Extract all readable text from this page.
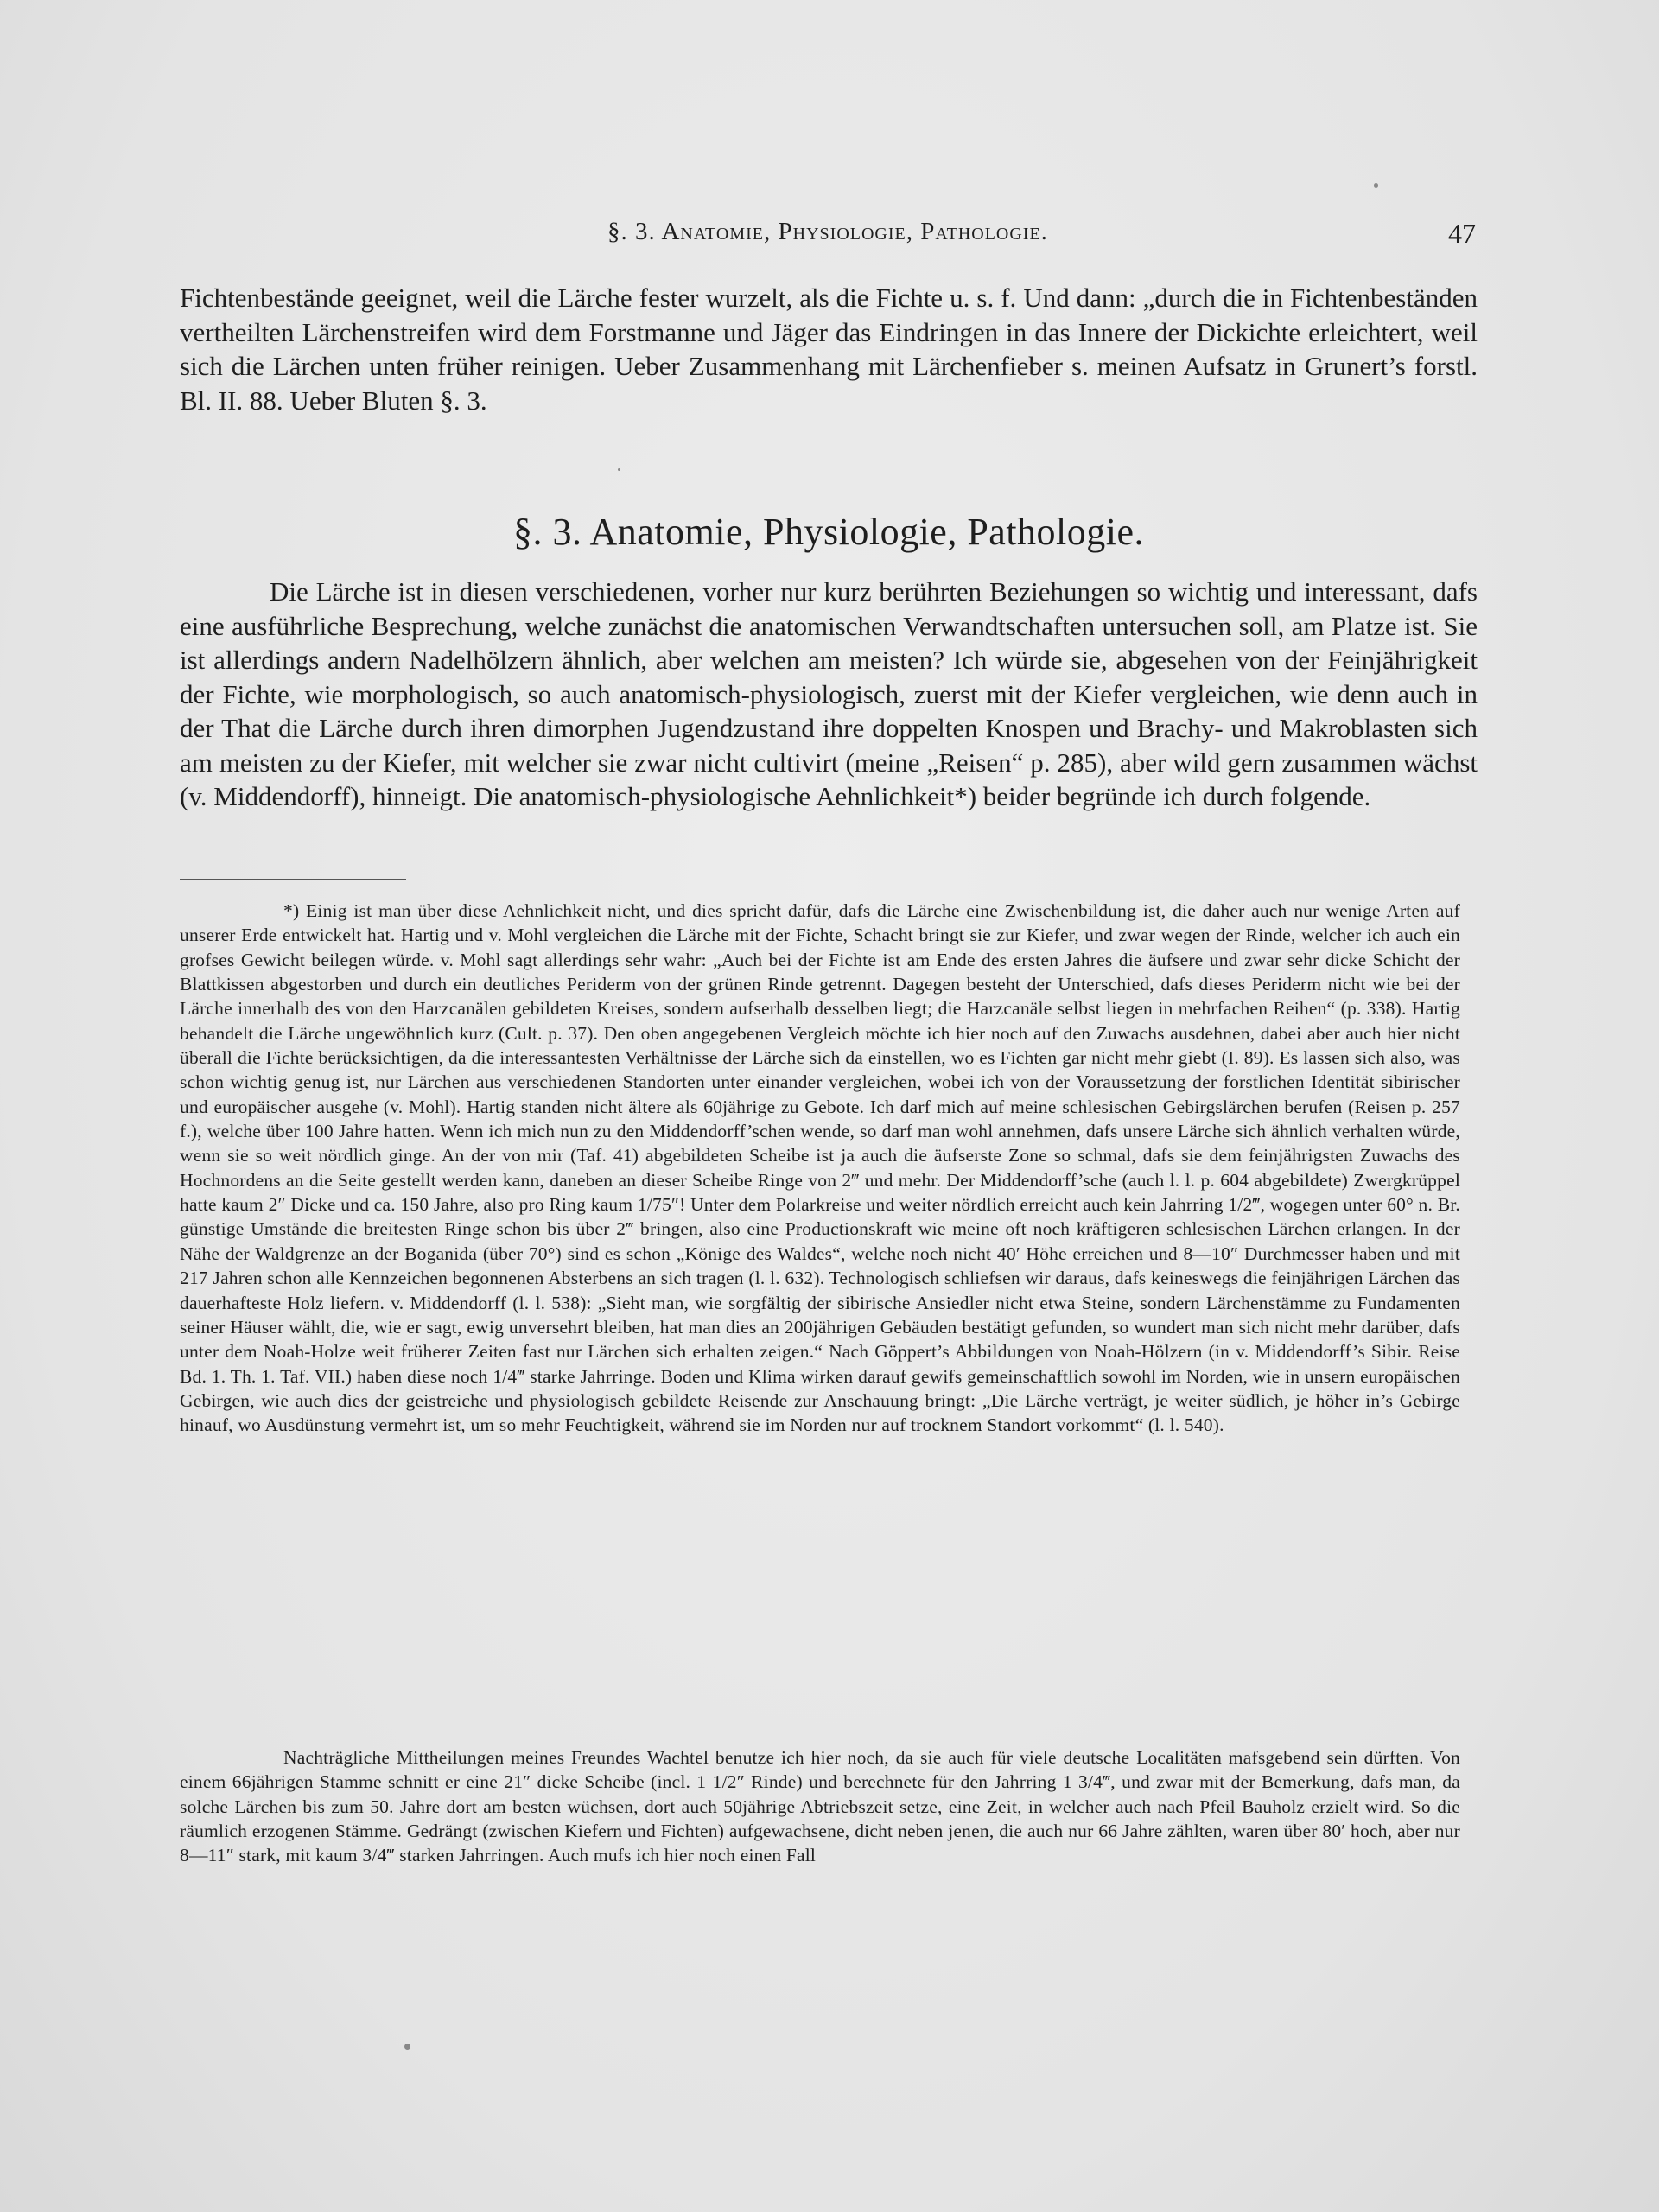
§. 3. Anatomie, Physiologie, Pathologie.	47

Fichtenbestände geeignet, weil die Lärche fester wurzelt, als die Fichte u. s. f. Und dann: „durch die in Fichtenbeständen vertheilten Lärchenstreifen wird dem Forstmanne und Jäger das Eindringen in das Innere der Dickichte erleichtert, weil sich die Lärchen unten früher reinigen. Ueber Zusammenhang mit Lärchenfieber s. meinen Aufsatz in Grunert’s forstl. Bl. II. 88. Ueber Bluten §. 3.

§. 3. Anatomie, Physiologie, Pathologie.

Die Lärche ist in diesen verschiedenen, vorher nur kurz berührten Beziehungen so wichtig und interessant, dafs eine ausführliche Besprechung, welche zunächst die anatomischen Verwandtschaften untersuchen soll, am Platze ist. Sie ist allerdings andern Nadelhölzern ähnlich, aber welchen am meisten? Ich würde sie, abgesehen von der Feinjährigkeit der Fichte, wie morphologisch, so auch anatomisch-physiologisch, zuerst mit der Kiefer vergleichen, wie denn auch in der That die Lärche durch ihren dimorphen Jugendzustand ihre doppelten Knospen und Brachy- und Makroblasten sich am meisten zu der Kiefer, mit welcher sie zwar nicht cultivirt (meine „Reisen“ p. 285), aber wild gern zusammen wächst (v. Middendorff), hinneigt. Die anatomisch-physiologische Aehnlichkeit*) beider begründe ich durch folgende.

*) Einig ist man über diese Aehnlichkeit nicht, und dies spricht dafür, dafs die Lärche eine Zwischenbildung ist, die daher auch nur wenige Arten auf unserer Erde entwickelt hat. Hartig und v. Mohl vergleichen die Lärche mit der Fichte, Schacht bringt sie zur Kiefer, und zwar wegen der Rinde, welcher ich auch ein grofses Gewicht beilegen würde. v. Mohl sagt allerdings sehr wahr: „Auch bei der Fichte ist am Ende des ersten Jahres die äufsere und zwar sehr dicke Schicht der Blattkissen abgestorben und durch ein deutliches Periderm von der grünen Rinde getrennt. Dagegen besteht der Unterschied, dafs dieses Periderm nicht wie bei der Lärche innerhalb des von den Harzcanälen gebildeten Kreises, sondern aufserhalb desselben liegt; die Harzcanäle selbst liegen in mehrfachen Reihen“ (p. 338). Hartig behandelt die Lärche ungewöhnlich kurz (Cult. p. 37). Den oben angegebenen Vergleich möchte ich hier noch auf den Zuwachs ausdehnen, dabei aber auch hier nicht überall die Fichte berücksichtigen, da die interessantesten Verhältnisse der Lärche sich da einstellen, wo es Fichten gar nicht mehr giebt (I. 89). Es lassen sich also, was schon wichtig genug ist, nur Lärchen aus verschiedenen Standorten unter einander vergleichen, wobei ich von der Voraussetzung der forstlichen Identität sibirischer und europäischer ausgehe (v. Mohl). Hartig standen nicht ältere als 60jährige zu Gebote. Ich darf mich auf meine schlesischen Gebirgslärchen berufen (Reisen p. 257 f.), welche über 100 Jahre hatten. Wenn ich mich nun zu den Middendorff’schen wende, so darf man wohl annehmen, dafs unsere Lärche sich ähnlich verhalten würde, wenn sie so weit nördlich ginge. An der von mir (Taf. 41) abgebildeten Scheibe ist ja auch die äufserste Zone so schmal, dafs sie dem feinjährigsten Zuwachs des Hochnordens an die Seite gestellt werden kann, daneben an dieser Scheibe Ringe von 2‴ und mehr. Der Middendorff’sche (auch l. l. p. 604 abgebildete) Zwergkrüppel hatte kaum 2″ Dicke und ca. 150 Jahre, also pro Ring kaum 1/75″! Unter dem Polarkreise und weiter nördlich erreicht auch kein Jahrring 1/2‴, wogegen unter 60° n. Br. günstige Umstände die breitesten Ringe schon bis über 2‴ bringen, also eine Productionskraft wie meine oft noch kräftigeren schlesischen Lärchen erlangen. In der Nähe der Waldgrenze an der Boganida (über 70°) sind es schon „Könige des Waldes“, welche noch nicht 40′ Höhe erreichen und 8—10″ Durchmesser haben und mit 217 Jahren schon alle Kennzeichen begonnenen Absterbens an sich tragen (l. l. 632). Technologisch schliefsen wir daraus, dafs keineswegs die feinjährigen Lärchen das dauerhafteste Holz liefern. v. Middendorff (l. l. 538): „Sieht man, wie sorgfältig der sibirische Ansiedler nicht etwa Steine, sondern Lärchenstämme zu Fundamenten seiner Häuser wählt, die, wie er sagt, ewig unversehrt bleiben, hat man dies an 200jährigen Gebäuden bestätigt gefunden, so wundert man sich nicht mehr darüber, dafs unter dem Noah-Holze weit früherer Zeiten fast nur Lärchen sich erhalten zeigen.“ Nach Göppert’s Abbildungen von Noah-Hölzern (in v. Middendorff’s Sibir. Reise Bd. 1. Th. 1. Taf. VII.) haben diese noch 1/4‴ starke Jahrringe. Boden und Klima wirken darauf gewifs gemeinschaftlich sowohl im Norden, wie in unsern europäischen Gebirgen, wie auch dies der geistreiche und physiologisch gebildete Reisende zur Anschauung bringt: „Die Lärche verträgt, je weiter südlich, je höher in’s Gebirge hinauf, wo Ausdünstung vermehrt ist, um so mehr Feuchtigkeit, während sie im Norden nur auf trocknem Standort vorkommt“ (l. l. 540).

Nachträgliche Mittheilungen meines Freundes Wachtel benutze ich hier noch, da sie auch für viele deutsche Localitäten mafsgebend sein dürften. Von einem 66jährigen Stamme schnitt er eine 21″ dicke Scheibe (incl. 1 1/2″ Rinde) und berechnete für den Jahrring 1 3/4‴, und zwar mit der Bemerkung, dafs man, da solche Lärchen bis zum 50. Jahre dort am besten wüchsen, dort auch 50jährige Abtriebszeit setze, eine Zeit, in welcher auch nach Pfeil Bauholz erzielt wird. So die räumlich erzogenen Stämme. Gedrängt (zwischen Kiefern und Fichten) aufgewachsene, dicht neben jenen, die auch nur 66 Jahre zählten, waren über 80′ hoch, aber nur 8—11″ stark, mit kaum 3/4‴ starken Jahrringen. Auch mufs ich hier noch einen Fall
